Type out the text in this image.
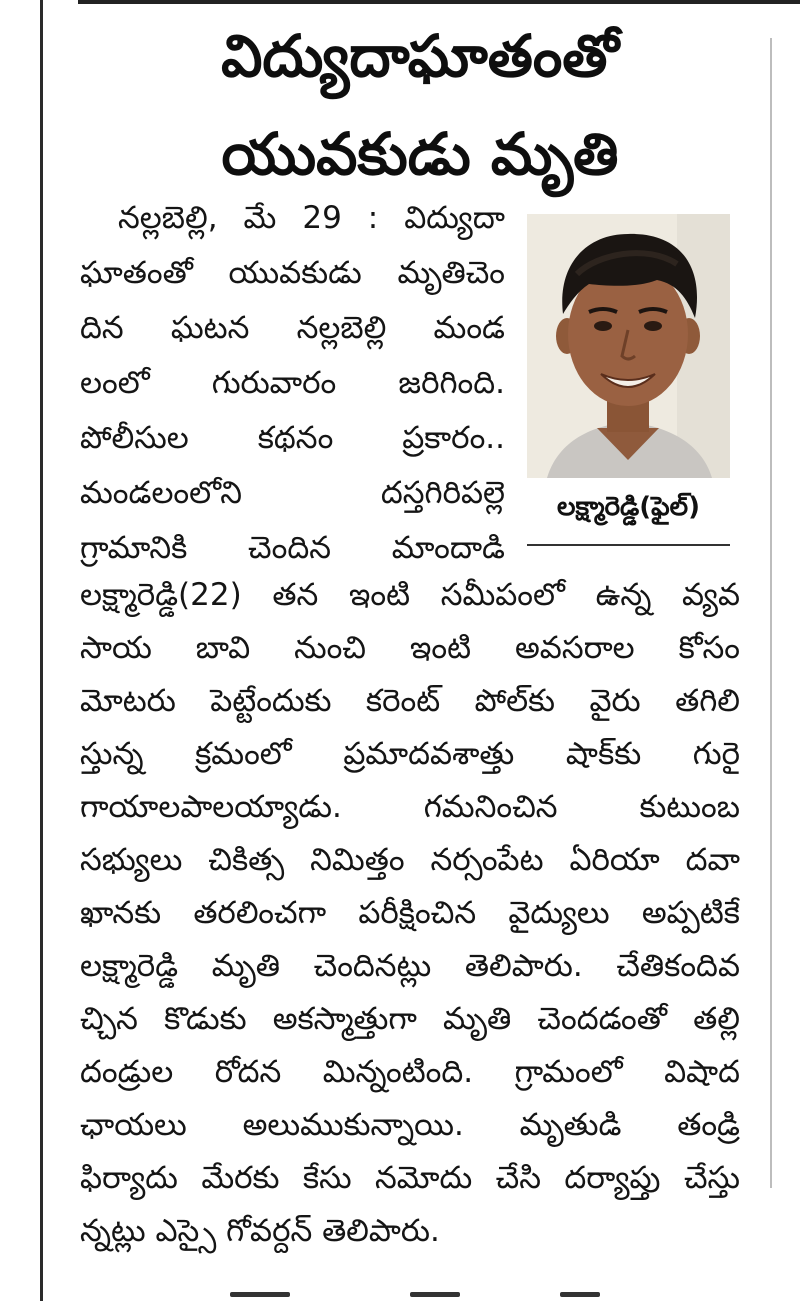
విద్యుదాఘాతంతో
యువకుడు మృతి
నల్లబెల్లి, మే 29 : విద్యుదా
ఘాతంతో యువకుడు మృతిచెం
దిన ఘటన నల్లబెల్లి మండ
లంలో గురువారం జరిగింది.
పోలీసుల కథనం ప్రకారం..
మండలంలోని దస్తగిరిపల్లె
గ్రామానికి చెందిన మాందాడి
లక్ష్మారెడ్డి(ఫైల్)
లక్ష్మారెడ్డి(22) తన ఇంటి సమీపంలో ఉన్న వ్యవ
సాయ బావి నుంచి ఇంటి అవసరాల కోసం
మోటరు పెట్టేందుకు కరెంట్ పోల్‌కు వైరు తగిలి
స్తున్న క్రమంలో ప్రమాదవశాత్తు షాక్‌కు గురై
గాయాలపాలయ్యాడు. గమనించిన కుటుంబ
సభ్యులు చికిత్స నిమిత్తం నర్సంపేట ఏరియా దవా
ఖానకు తరలించగా పరీక్షించిన వైద్యులు అప్పటికే
లక్ష్మారెడ్డి మృతి చెందినట్లు తెలిపారు. చేతికందివ
చ్చిన కొడుకు అకస్మాత్తుగా మృతి చెందడంతో తల్లి
దండ్రుల రోదన మిన్నంటింది. గ్రామంలో విషాద
ఛాయలు అలుముకున్నాయి. మృతుడి తండ్రి
ఫిర్యాదు మేరకు కేసు నమోదు చేసి దర్యాప్తు చేస్తు
న్నట్లు ఎస్సై గోవర్దన్ తెలిపారు.
